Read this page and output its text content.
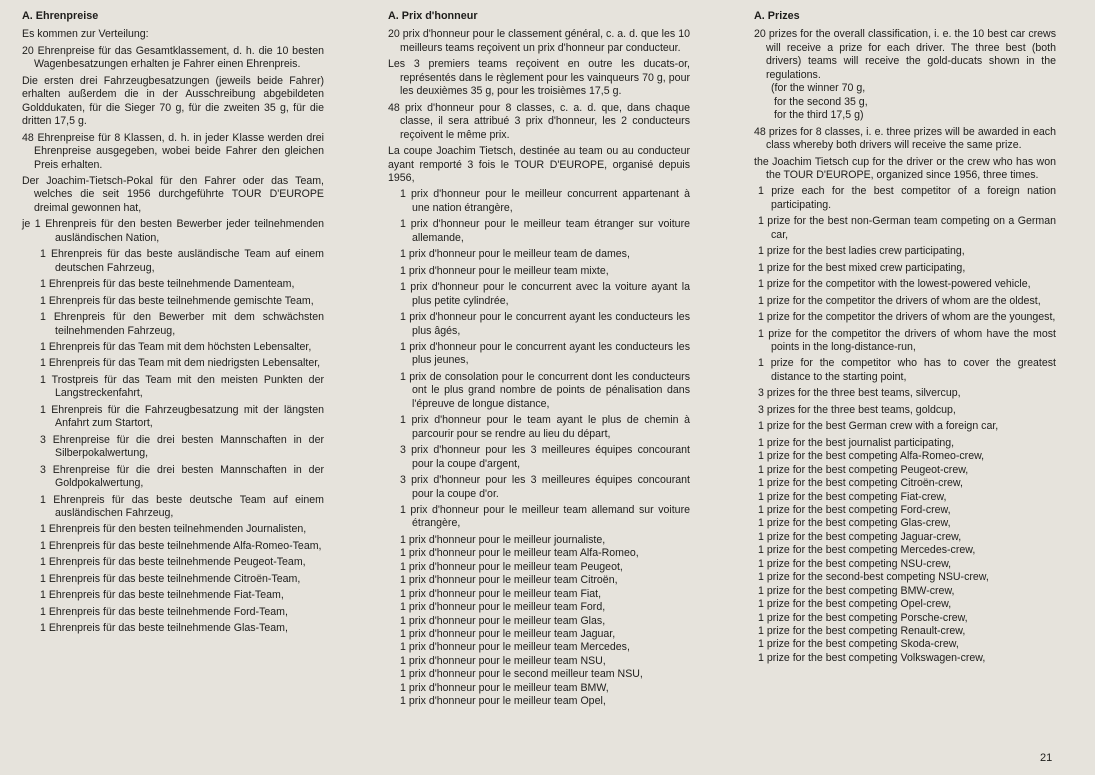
A. Ehrenpreise
Es kommen zur Verteilung:
20 Ehrenpreise für das Gesamtklassement, d. h. die 10 besten Wagenbesatzungen erhalten je Fahrer einen Ehrenpreis.
Die ersten drei Fahrzeugbesatzungen (jeweils beide Fahrer) erhalten außerdem die in der Ausschreibung abgebildeten Golddukaten, für die Sieger 70 g, für die zweiten 35 g, für die dritten 17,5 g.
48 Ehrenpreise für 8 Klassen, d. h. in jeder Klasse werden drei Ehrenpreise ausgegeben, wobei beide Fahrer den gleichen Preis erhalten.
Der Joachim-Tietsch-Pokal für den Fahrer oder das Team, welches die seit 1956 durchgeführte TOUR D'EUROPE dreimal gewonnen hat,
je 1 Ehrenpreis für den besten Bewerber jeder teilnehmenden ausländischen Nation,
1 Ehrenpreis für das beste ausländische Team auf einem deutschen Fahrzeug,
1 Ehrenpreis für das beste teilnehmende Damenteam,
1 Ehrenpreis für das beste teilnehmende gemischte Team,
1 Ehrenpreis für den Bewerber mit dem schwächsten teilnehmenden Fahrzeug,
1 Ehrenpreis für das Team mit dem höchsten Lebensalter,
1 Ehrenpreis für das Team mit dem niedrigsten Lebensalter,
1 Trostpreis für das Team mit den meisten Punkten der Langstreckenfahrt,
1 Ehrenpreis für die Fahrzeugbesatzung mit der längsten Anfahrt zum Startort,
3 Ehrenpreise für die drei besten Mannschaften in der Silberpokalwertung,
3 Ehrenpreise für die drei besten Mannschaften in der Goldpokalwertung,
1 Ehrenpreis für das beste deutsche Team auf einem ausländischen Fahrzeug,
1 Ehrenpreis für den besten teilnehmenden Journalisten,
1 Ehrenpreis für das beste teilnehmende Alfa-Romeo-Team,
1 Ehrenpreis für das beste teilnehmende Peugeot-Team,
1 Ehrenpreis für das beste teilnehmende Citroën-Team,
1 Ehrenpreis für das beste teilnehmende Fiat-Team,
1 Ehrenpreis für das beste teilnehmende Ford-Team,
1 Ehrenpreis für das beste teilnehmende Glas-Team,
A. Prix d'honneur
20 prix d'honneur pour le classement général, c. a. d. que les 10 meilleurs teams reçoivent un prix d'honneur par conducteur.
Les 3 premiers teams reçoivent en outre les ducats-or, représentés dans le règlement pour les vainqueurs 70 g, pour les deuxièmes 35 g, pour les troisièmes 17,5 g.
48 prix d'honneur pour 8 classes, c. a. d. que, dans chaque classe, il sera attribué 3 prix d'honneur, les 2 conducteurs reçoivent le même prix.
La coupe Joachim Tietsch, destinée au team ou au conducteur ayant remporté 3 fois le TOUR D'EUROPE, organisé depuis 1956,
1 prix d'honneur pour le meilleur concurrent appartenant à une nation étrangère,
1 prix d'honneur pour le meilleur team étranger sur voiture allemande,
1 prix d'honneur pour le meilleur team de dames,
1 prix d'honneur pour le meilleur team mixte,
1 prix d'honneur pour le concurrent avec la voiture ayant la plus petite cylindrée,
1 prix d'honneur pour le concurrent ayant les conducteurs les plus âgés,
1 prix d'honneur pour le concurrent ayant les conducteurs les plus jeunes,
1 prix de consolation pour le concurrent dont les conducteurs ont le plus grand nombre de points de pénalisation dans l'épreuve de longue distance,
1 prix d'honneur pour le team ayant le plus de chemin à parcourir pour se rendre au lieu du départ,
3 prix d'honneur pour les 3 meilleures équipes concourant pour la coupe d'argent,
3 prix d'honneur pour les 3 meilleures équipes concourant pour la coupe d'or.
1 prix d'honneur pour le meilleur team allemand sur voiture étrangère,
1 prix d'honneur pour le meilleur journaliste,
1 prix d'honneur pour le meilleur team Alfa-Romeo,
1 prix d'honneur pour le meilleur team Peugeot,
1 prix d'honneur pour le meilleur team Citroën,
1 prix d'honneur pour le meilleur team Fiat,
1 prix d'honneur pour le meilleur team Ford,
1 prix d'honneur pour le meilleur team Glas,
1 prix d'honneur pour le meilleur team Jaguar,
1 prix d'honneur pour le meilleur team Mercedes,
1 prix d'honneur pour le meilleur team NSU,
1 prix d'honneur pour le second meilleur team NSU,
1 prix d'honneur pour le meilleur team BMW,
1 prix d'honneur pour le meilleur team Opel,
A. Prizes
20 prizes for the overall classification, i. e. the 10 best car crews will receive a prize for each driver. The three best (both drivers) teams will receive the gold-ducats shown in the regulations.
(for the winner 70 g,
for the second 35 g,
for the third 17,5 g)
48 prizes for 8 classes, i. e. three prizes will be awarded in each class whereby both drivers will receive the same prize.
the Joachim Tietsch cup for the driver or the crew who has won the TOUR D'EUROPE, organized since 1956, three times.
1 prize each for the best competitor of a foreign nation participating.
1 prize for the best non-German team competing on a German car,
1 prize for the best ladies crew participating,
1 prize for the best mixed crew participating,
1 prize for the competitor with the lowest-powered vehicle,
1 prize for the competitor the drivers of whom are the oldest,
1 prize for the competitor the drivers of whom are the youngest,
1 prize for the competitor the drivers of whom have the most points in the long-distance-run,
1 prize for the competitor who has to cover the greatest distance to the starting point,
3 prizes for the three best teams, silvercup,
3 prizes for the three best teams, goldcup,
1 prize for the best German crew with a foreign car,
1 prize for the best journalist participating,
1 prize for the best competing Alfa-Romeo-crew,
1 prize for the best competing Peugeot-crew,
1 prize for the best competing Citroën-crew,
1 prize for the best competing Fiat-crew,
1 prize for the best competing Ford-crew,
1 prize for the best competing Glas-crew,
1 prize for the best competing Jaguar-crew,
1 prize for the best competing Mercedes-crew,
1 prize for the best competing NSU-crew,
1 prize for the second-best competing NSU-crew,
1 prize for the best competing BMW-crew,
1 prize for the best competing Opel-crew,
1 prize for the best competing Porsche-crew,
1 prize for the best competing Renault-crew,
1 prize for the best competing Skoda-crew,
1 prize for the best competing Volkswagen-crew,
21
